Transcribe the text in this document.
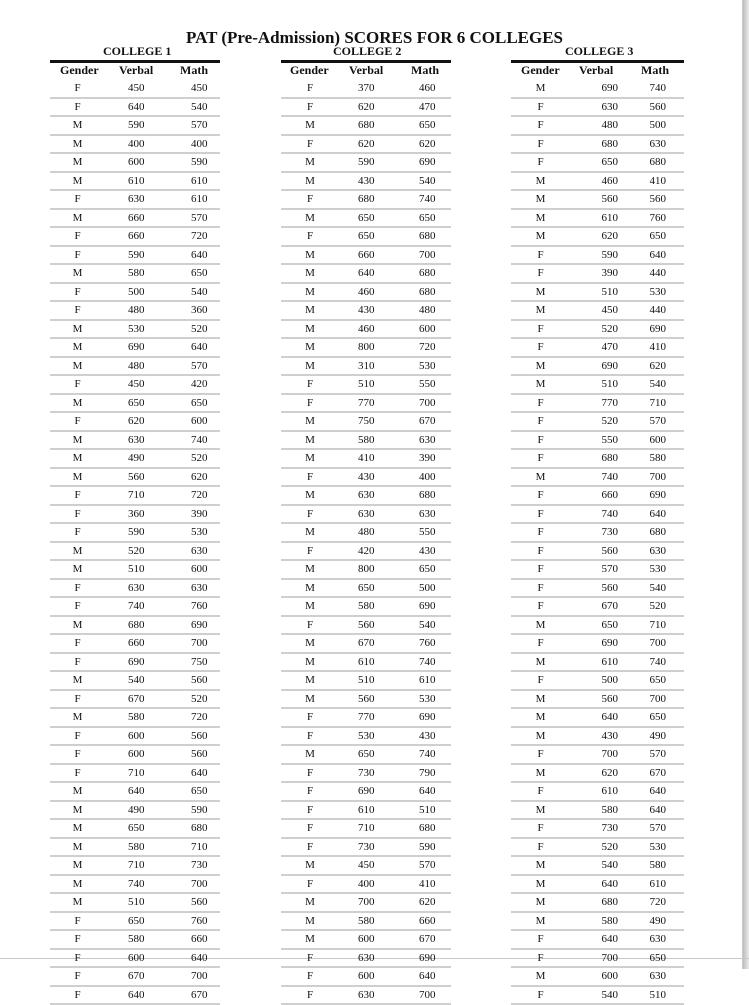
PAT (Pre-Admission) SCORES FOR 6 COLLEGES
COLLEGE 1	COLLEGE 2	COLLEGE 3
Gender Verbal Math	Gender Verbal Math	Gender Verbal Math
F	450	450
F	640	540
M	590	570
M	400	400
M	600	590
M	610	610
F	630	610
M	660	570
F	660	720
F	590	640
M	580	650
F	500	540
F	480	360
M	530	520
M	690	640
M	480	570
F	450	420
M	650	650
F	620	600
M	630	740
M	490	520
M	560	620
F	710	720
F	360	390
F	590	530
M	520	630
M	510	600
F	630	630
F	740	760
M	680	690
F	660	700
F	690	750
M	540	560
F	670	520
M	580	720
F	600	560
F	600	560
F	710	640
M	640	650
M	490	590
M	650	680
M	580	710
M	710	730
M	740	700
M	510	560
F	650	760
F	580	660
F	600	640
F	670	700
F	640	670
F	370	460
F	620	470
M	680	650
F	620	620
M	590	690
M	430	540
F	680	740
M	650	650
F	650	680
M	660	700
M	640	680
M	460	680
M	430	480
M	460	600
M	800	720
M	310	530
F	510	550
F	770	700
M	750	670
M	580	630
M	410	390
F	430	400
M	630	680
F	630	630
M	480	550
F	420	430
M	800	650
M	650	500
M	580	690
F	560	540
M	670	760
M	610	740
M	510	610
M	560	530
F	770	690
F	530	430
M	650	740
F	730	790
F	690	640
F	610	510
F	710	680
F	730	590
M	450	570
F	400	410
M	700	620
M	580	660
M	600	670
F	630	690
F	600	640
F	630	700
M	690	740
F	630	560
F	480	500
F	680	630
F	650	680
M	460	410
M	560	560
M	610	760
M	620	650
F	590	640
F	390	440
M	510	530
M	450	440
F	520	690
F	470	410
M	690	620
M	510	540
F	770	710
F	520	570
F	550	600
F	680	580
M	740	700
F	660	690
F	740	640
F	730	680
F	560	630
F	570	530
F	560	540
F	670	520
M	650	710
F	690	700
M	610	740
F	500	650
M	560	700
M	640	650
M	430	490
F	700	570
M	620	670
F	610	640
M	580	640
F	730	570
F	520	530
M	540	580
M	640	610
M	680	720
M	580	490
F	640	630
F	700	650
M	600	630
F	540	510
